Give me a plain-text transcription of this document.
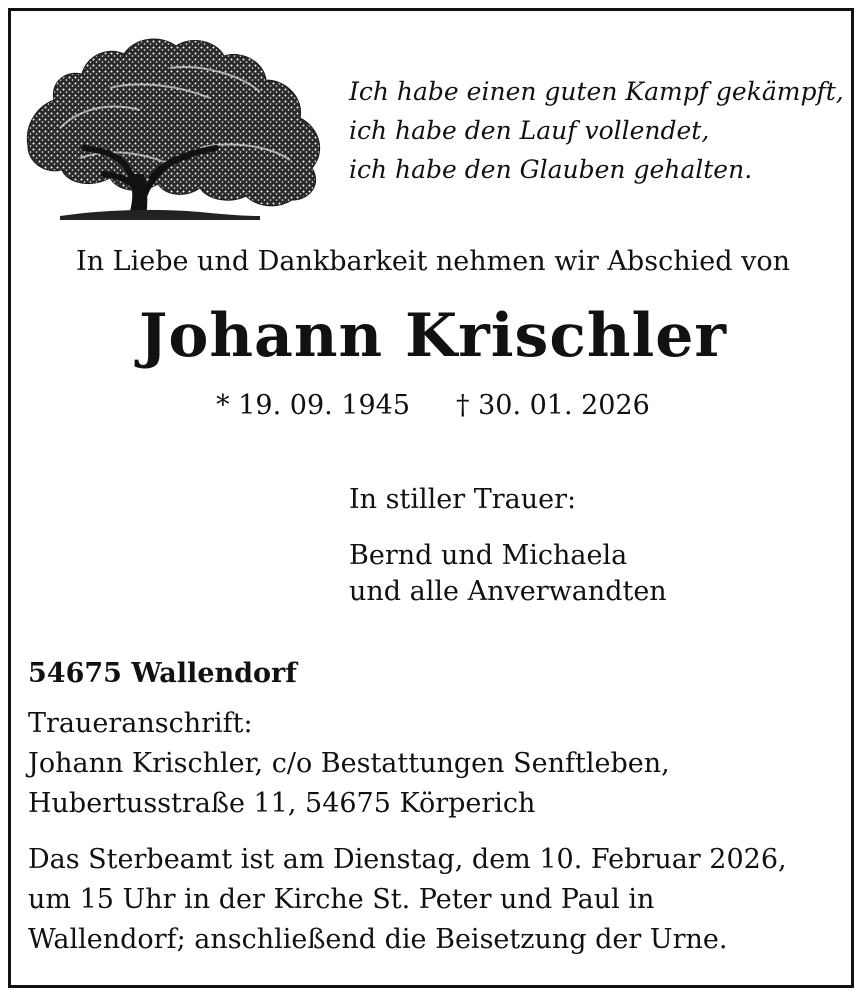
Ich habe einen guten Kampf gekämpft,
ich habe den Lauf vollendet,
ich habe den Glauben gehalten.
In Liebe und Dankbarkeit nehmen wir Abschied von
Johann Krischler
* 19. 09. 1945 † 30. 01. 2026
In stiller Trauer:
Bernd und Michaela
und alle Anverwandten
54675 Wallendorf
Traueranschrift:
Johann Krischler, c/o Bestattungen Senftleben,
Hubertusstraße 11, 54675 Körperich
Das Sterbeamt ist am Dienstag, dem 10. Februar 2026,
um 15 Uhr in der Kirche St. Peter und Paul in
Wallendorf; anschließend die Beisetzung der Urne.
